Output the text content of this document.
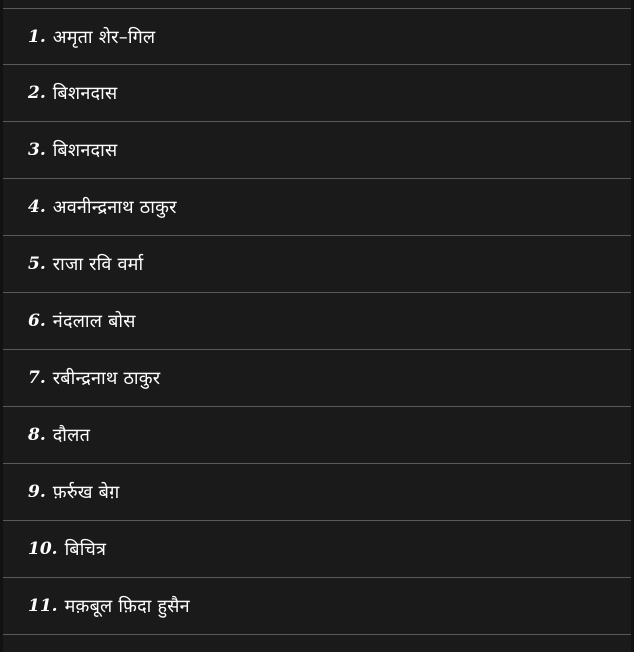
1. अमृता शेर–गिल
2. बिशनदास
3. बिशनदास
4. अवनीन्द्रनाथ ठाकुर
5. राजा रवि वर्मा
6. नंदलाल बोस
7. रबीन्द्रनाथ ठाकुर
8. दौलत
9. फ़र्रुख बेग़
10. बिचित्र
11. मक़बूल फ़िदा हुसैन
